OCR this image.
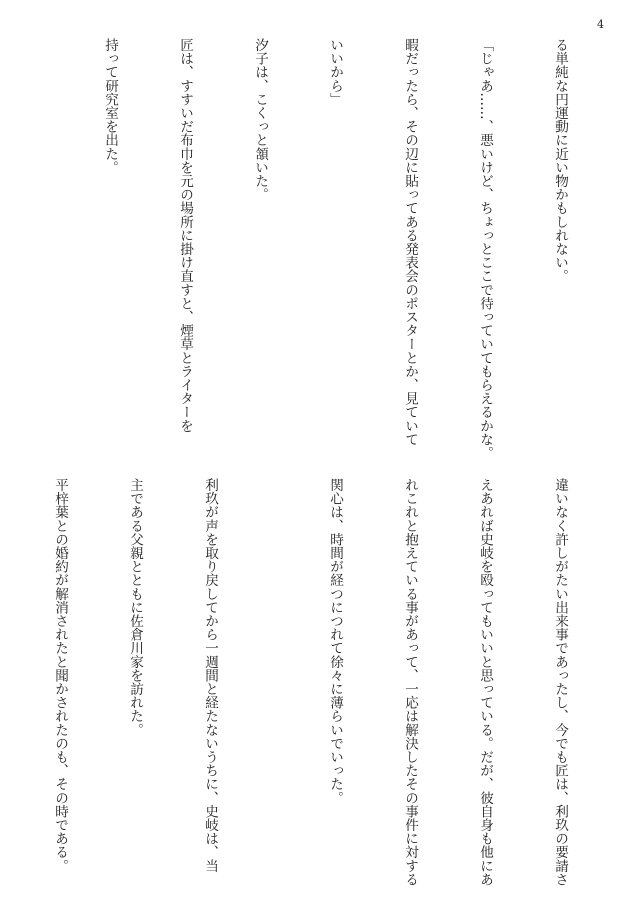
4

る単純な円運動に近い物かもしれない。

「じゃあ……、悪いけど、ちょっとここで待っていてもらえるかな。

暇だったら、その辺に貼ってある発表会のポスターとか、見ていて

いいから」

汐子は、こくっと頷いた。

匠は、すすいだ布巾を元の場所に掛け直すと、煙草とライターを

持って研究室を出た。

違いなく許しがたい出来事であったし、今でも匠は、利玖の要請さ

えあれば史岐を殴ってもいいと思っている。だが、彼自身も他にあ

れこれと抱えている事があって、一応は解決したその事件に対する

関心は、時間が経つにつれて徐々に薄らいでいった。

利玖が声を取り戻してから一週間と経たないうちに、史岐は、当

主である父親とともに佐倉川家を訪れた。

平梓葉との婚約が解消されたと聞かされたのも、その時である。
